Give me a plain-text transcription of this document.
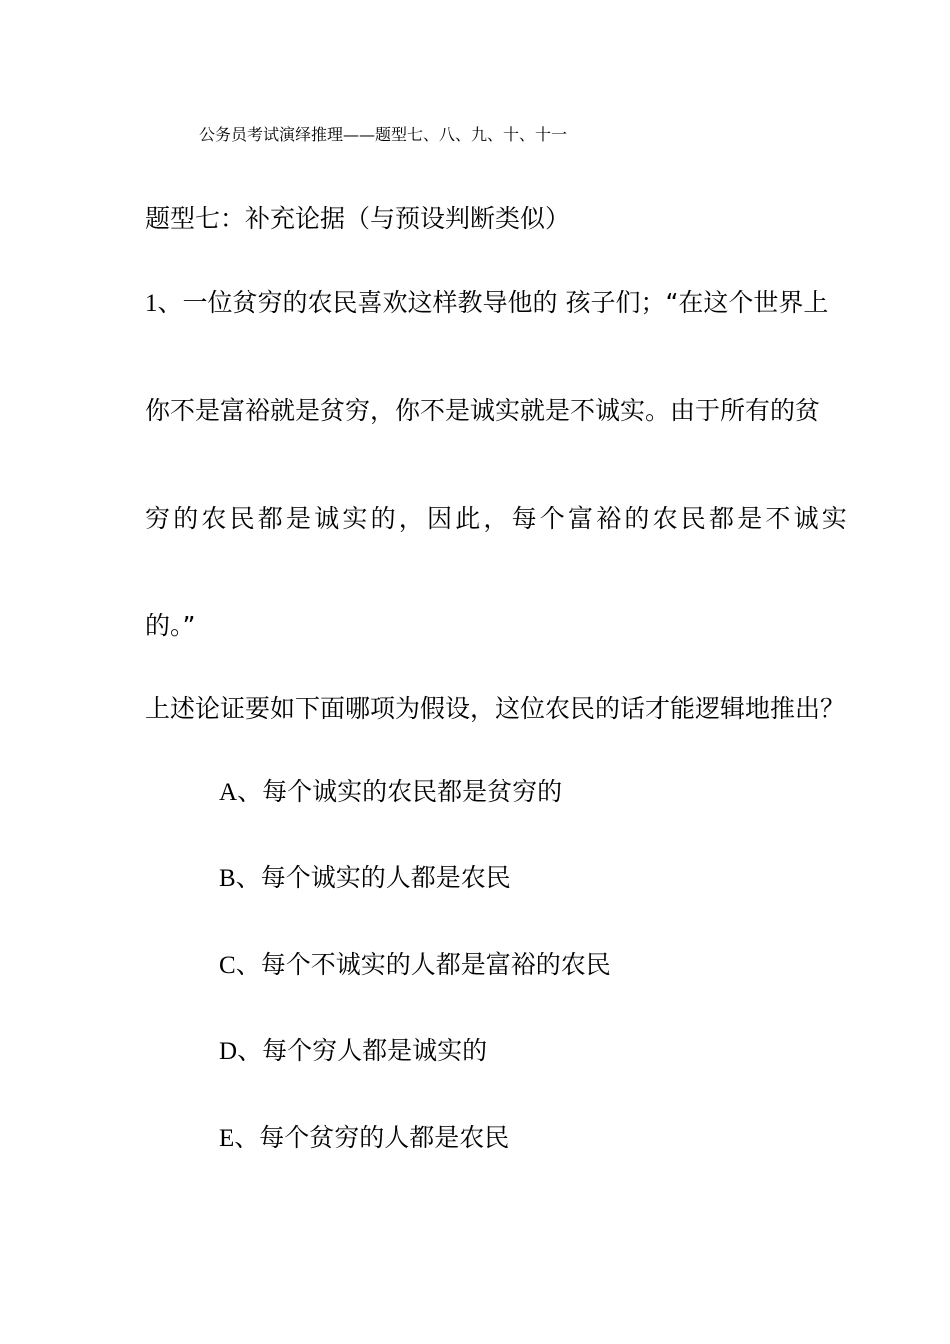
公务员考试演绎推理——题型七、八、九、十、十一
题型七：补充论据（与预设判断类似）
1、一位贫穷的农民喜欢这样教导他的 孩子们；“在这个世界上
你不是富裕就是贫穷，你不是诚实就是不诚实。由于所有的贫
穷的农民都是诚实的，因此，每个富裕的农民都是不诚实
的。”
上述论证要如下面哪项为假设，这位农民的话才能逻辑地推出？
A、每个诚实的农民都是贫穷的
B、每个诚实的人都是农民
C、每个不诚实的人都是富裕的农民
D、每个穷人都是诚实的
E、每个贫穷的人都是农民
